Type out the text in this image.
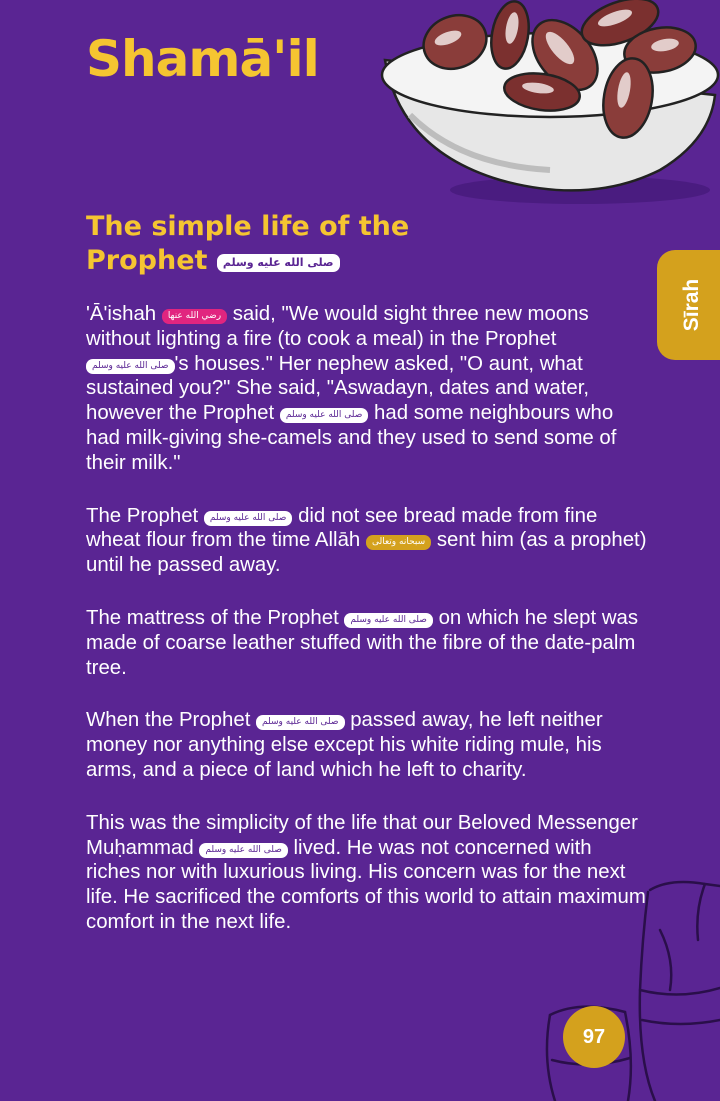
Shamā'il
The simple life of the
Prophet صلى الله عليه وسلم
Sīrah

'Ā'ishah رضي الله عنها said, "We would sight three new moons without lighting a fire (to cook a meal) in the Prophet صلى الله عليه وسلم 's houses." Her nephew asked, "O aunt, what sustained you?" She said, "Aswadayn, dates and water, however the Prophet صلى الله عليه وسلم had some neighbours who had milk-giving she-camels and they used to send some of their milk."

The Prophet صلى الله عليه وسلم did not see bread made from fine wheat flour from the time Allāh سبحانه وتعالى sent him (as a prophet) until he passed away.

The mattress of the Prophet صلى الله عليه وسلم on which he slept was made of coarse leather stuffed with the fibre of the date-palm tree.

When the Prophet صلى الله عليه وسلم passed away, he left neither money nor anything else except his white riding mule, his arms, and a piece of land which he left to charity.

This was the simplicity of the life that our Beloved Messenger Muḥammad صلى الله عليه وسلم lived. He was not concerned with riches nor with luxurious living. His concern was for the next life. He sacrificed the comforts of this world to attain maximum comfort in the next life.

97
